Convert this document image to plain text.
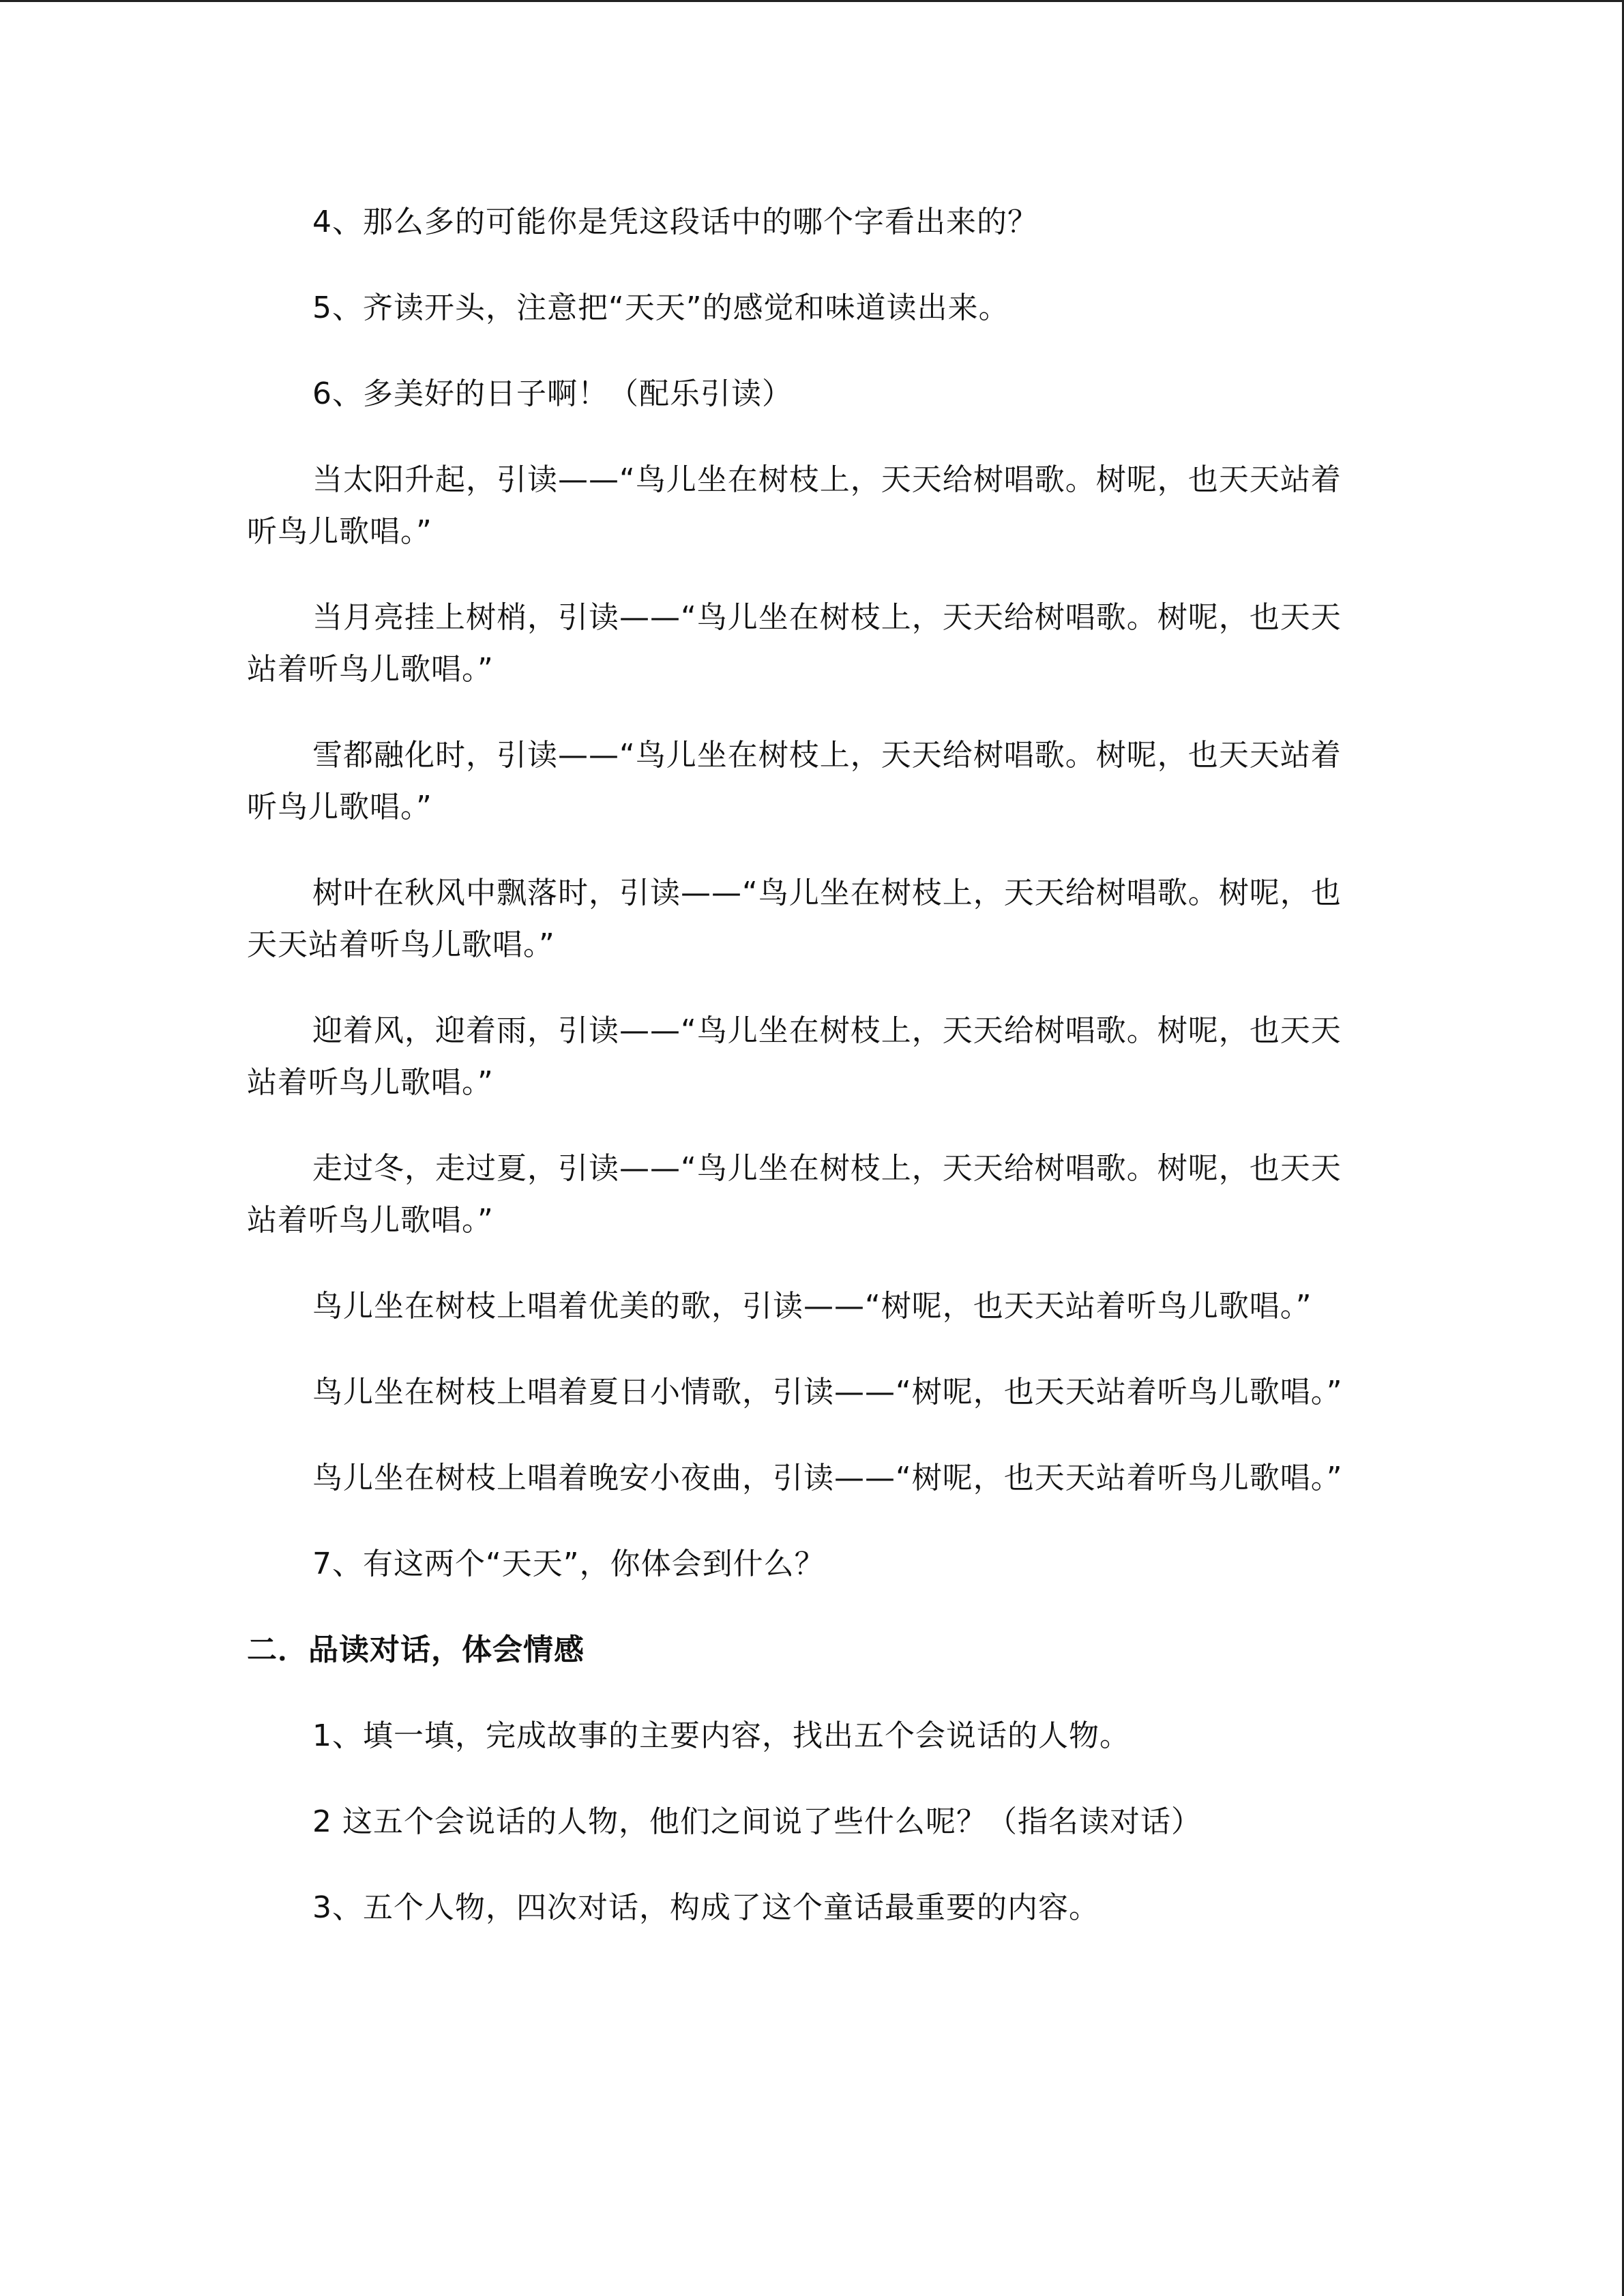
4、那么多的可能你是凭这段话中的哪个字看出来的？

5、齐读开头，注意把“天天”的感觉和味道读出来。

6、多美好的日子啊！（配乐引读）

当太阳升起，引读——“鸟儿坐在树枝上，天天给树唱歌。树呢，也天天站着听鸟儿歌唱。”

当月亮挂上树梢，引读——“鸟儿坐在树枝上，天天给树唱歌。树呢，也天天站着听鸟儿歌唱。”

雪都融化时，引读——“鸟儿坐在树枝上，天天给树唱歌。树呢，也天天站着听鸟儿歌唱。”

树叶在秋风中飘落时，引读——“鸟儿坐在树枝上，天天给树唱歌。树呢，也天天站着听鸟儿歌唱。”

迎着风，迎着雨，引读——“鸟儿坐在树枝上，天天给树唱歌。树呢，也天天站着听鸟儿歌唱。”

走过冬，走过夏，引读——“鸟儿坐在树枝上，天天给树唱歌。树呢，也天天站着听鸟儿歌唱。”

鸟儿坐在树枝上唱着优美的歌，引读——“树呢，也天天站着听鸟儿歌唱。”

鸟儿坐在树枝上唱着夏日小情歌，引读——“树呢，也天天站着听鸟儿歌唱。”

鸟儿坐在树枝上唱着晚安小夜曲，引读——“树呢，也天天站着听鸟儿歌唱。”

7、有这两个“天天”，你体会到什么？

二．品读对话，体会情感

1、填一填，完成故事的主要内容，找出五个会说话的人物。

2 这五个会说话的人物，他们之间说了些什么呢？（指名读对话）

3、五个人物，四次对话，构成了这个童话最重要的内容。
